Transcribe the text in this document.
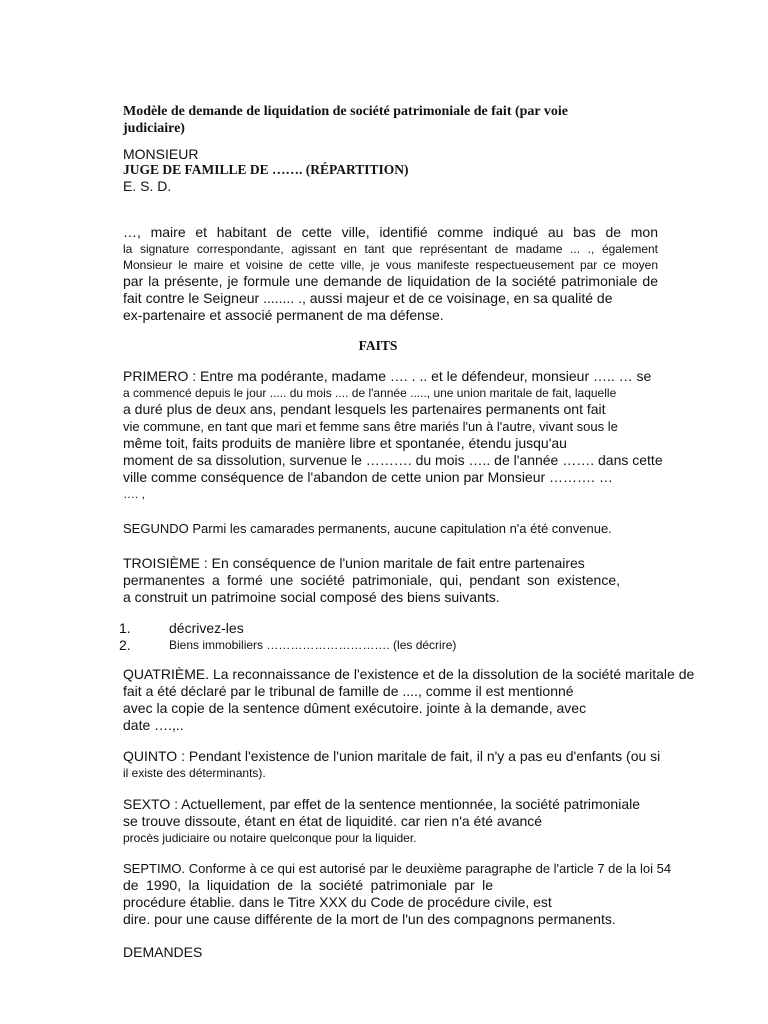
Modèle de demande de liquidation de société patrimoniale de fait (par voie judiciaire)
MONSIEUR
JUGE DE FAMILLE DE ……. (RÉPARTITION)
E. S. D.
…, maire et habitant de cette ville, identifié comme indiqué au bas de mon
la signature correspondante, agissant en tant que représentant de madame ... ., également
Monsieur le maire et voisine de cette ville, je vous manifeste respectueusement par ce moyen
par la présente, je formule une demande de liquidation de la société patrimoniale de
fait contre le Seigneur ........ ., aussi majeur et de ce voisinage, en sa qualité de
ex-partenaire et associé permanent de ma défense.
FAITS
PRIMERO : Entre ma podérante, madame …. . .. et le défendeur, monsieur ….. … se
a commencé depuis le jour ..... du mois .... de l'année ....., une union maritale de fait, laquelle
a duré plus de deux ans, pendant lesquels les partenaires permanents ont fait
vie commune, en tant que mari et femme sans être mariés l'un à l'autre, vivant sous le
même toit, faits produits de manière libre et spontanée, étendu jusqu'au
moment de sa dissolution, survenue le ………. du mois ….. de l'année ……. dans cette
ville comme conséquence de l'abandon de cette union par Monsieur ………. …
…. ,
SEGUNDO Parmi les camarades permanents, aucune capitulation n'a été convenue.
TROISIÈME : En conséquence de l'union maritale de fait entre partenaires
permanentes a formé une société patrimoniale, qui, pendant son existence,
a construit un patrimoine social composé des biens suivants.
1.	décrivez-les
2.	Biens immobiliers …………………………. (les décrire)
QUATRIÈME. La reconnaissance de l'existence et de la dissolution de la société maritale de
fait a été déclaré par le tribunal de famille de ...., comme il est mentionné
avec la copie de la sentence dûment exécutoire. jointe à la demande, avec
date ….,..
QUINTO : Pendant l'existence de l'union maritale de fait, il n'y a pas eu d'enfants (ou si
il existe des déterminants).
SEXTO : Actuellement, par effet de la sentence mentionnée, la société patrimoniale
se trouve dissoute, étant en état de liquidité. car rien n'a été avancé
procès judiciaire ou notaire quelconque pour la liquider.
SEPTIMO. Conforme à ce qui est autorisé par le deuxième paragraphe de l'article 7 de la loi 54
de 1990, la liquidation de la société patrimoniale par le
procédure établie. dans le Titre XXX du Code de procédure civile, est
dire. pour une cause différente de la mort de l'un des compagnons permanents.
DEMANDES
